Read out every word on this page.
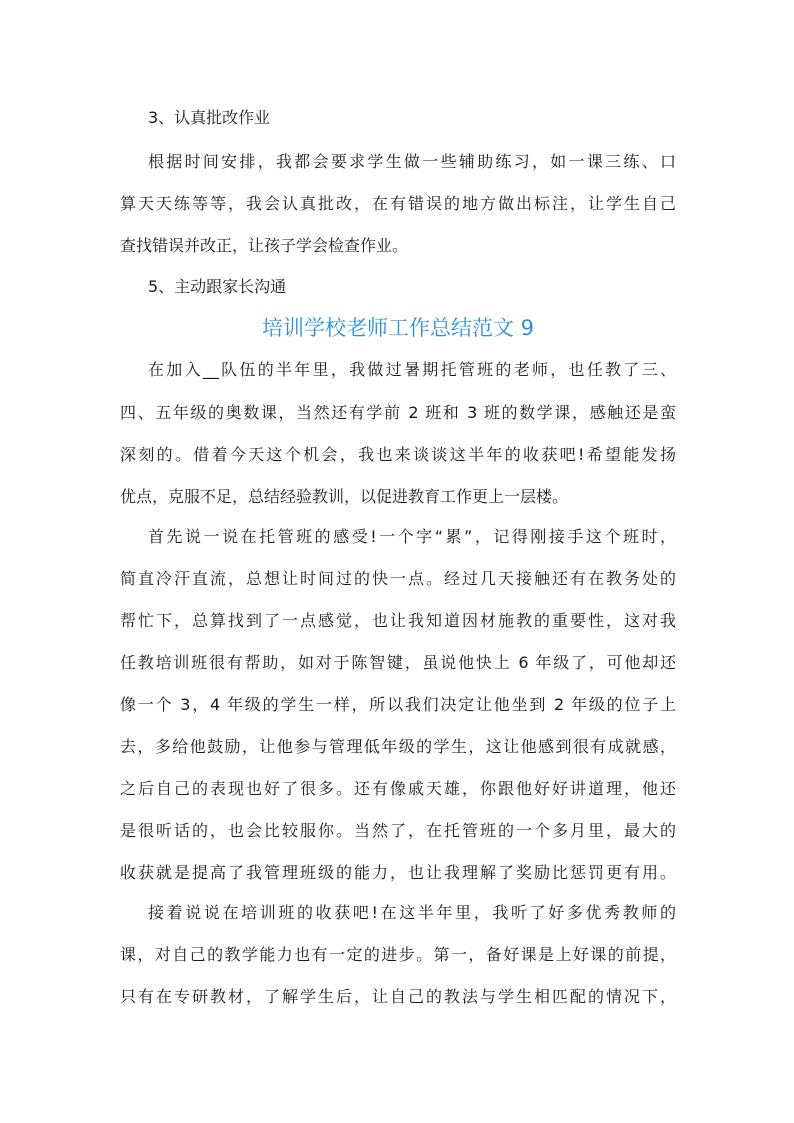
3、认真批改作业
根据时间安排，我都会要求学生做一些辅助练习，如一课三练、口
算天天练等等，我会认真批改，在有错误的地方做出标注，让学生自己
查找错误并改正，让孩子学会检查作业。
5、主动跟家长沟通
培训学校老师工作总结范文 9
在加入__队伍的半年里，我做过暑期托管班的老师，也任教了三、
四、五年级的奥数课，当然还有学前 2 班和 3 班的数学课，感触还是蛮
深刻的。借着今天这个机会，我也来谈谈这半年的收获吧!希望能发扬
优点，克服不足，总结经验教训，以促进教育工作更上一层楼。
首先说一说在托管班的感受!一个字“累”，记得刚接手这个班时，
简直冷汗直流，总想让时间过的快一点。经过几天接触还有在教务处的
帮忙下，总算找到了一点感觉，也让我知道因材施教的重要性，这对我
任教培训班很有帮助，如对于陈智键，虽说他快上 6 年级了，可他却还
像一个 3，4 年级的学生一样，所以我们决定让他坐到 2 年级的位子上
去，多给他鼓励，让他参与管理低年级的学生，这让他感到很有成就感，
之后自己的表现也好了很多。还有像戚天雄，你跟他好好讲道理，他还
是很听话的，也会比较服你。当然了，在托管班的一个多月里，最大的
收获就是提高了我管理班级的能力，也让我理解了奖励比惩罚更有用。
接着说说在培训班的收获吧!在这半年里，我听了好多优秀教师的
课，对自己的教学能力也有一定的进步。第一，备好课是上好课的前提，
只有在专研教材，了解学生后，让自己的教法与学生相匹配的情况下，
